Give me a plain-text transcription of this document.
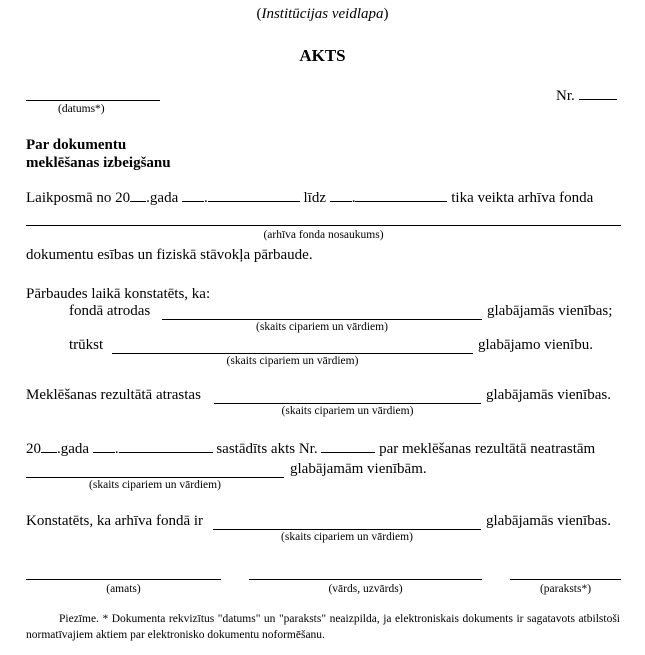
(Institūcijas veidlapa)
AKTS
(datums*)
Nr.
Par dokumentu
meklēšanas izbeigšanu
Laikposmā no 20 .gada .	līdz .	tika veikta arhīva fonda
(arhīva fonda nosaukums)
dokumentu esības un fiziskā stāvokļa pārbaude.
Pārbaudes laikā konstatēts, ka:
fondā atrodas	glabājamās vienības;
(skaits cipariem un vārdiem)
trūkst	glabājamo vienību.
(skaits cipariem un vārdiem)
Meklēšanas rezultātā atrastas	glabājamās vienības.
(skaits cipariem un vārdiem)
20 .gada .	sastādīts akts Nr.	par meklēšanas rezultātā neatrastām
glabājamām vienībām.
(skaits cipariem un vārdiem)
Konstatēts, ka arhīva fondā ir	glabājamās vienības.
(skaits cipariem un vārdiem)
(amats)	(vārds, uzvārds)	(paraksts*)
Piezīme. * Dokumenta rekvizītus "datums" un "paraksts" neaizpilda, ja elektroniskais dokuments ir sagatavots atbilstoši normatīvajiem aktiem par elektronisko dokumentu noformēšanu.
